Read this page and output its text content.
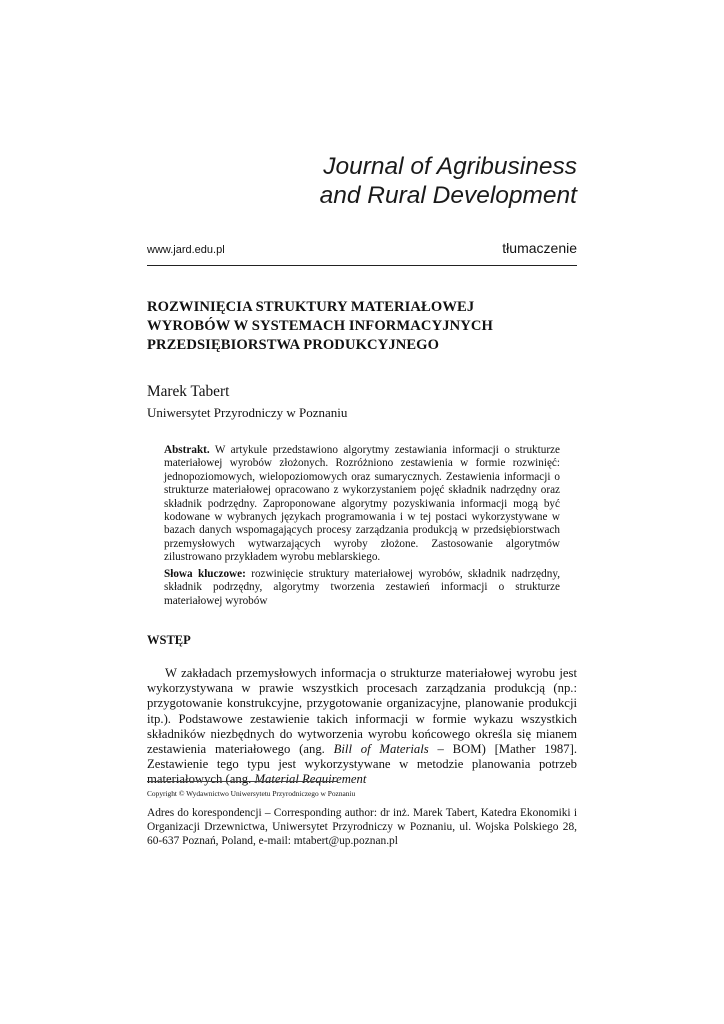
Journal of Agribusiness
and Rural Development
www.jard.edu.pl	tłumaczenie
ROZWINIĘCIA STRUKTURY MATERIAŁOWEJ
WYROBÓW W SYSTEMACH INFORMACYJNYCH
PRZEDSIĘBIORSTWA PRODUKCYJNEGO
Marek Tabert
Uniwersytet Przyrodniczy w Poznaniu

Abstrakt. W artykule przedstawiono algorytmy zestawiania informacji o strukturze materiałowej wyrobów złożonych. Rozróżniono zestawienia w formie rozwinięć: jednopoziomowych, wielopoziomowych oraz sumarycznych. Zestawienia informacji o strukturze materiałowej opracowano z wykorzystaniem pojęć składnik nadrzędny oraz składnik podrzędny. Zaproponowane algorytmy pozyskiwania informacji mogą być kodowane w wybranych językach programowania i w tej postaci wykorzystywane w bazach danych wspomagających procesy zarządzania produkcją w przedsiębiorstwach przemysłowych wytwarzających wyroby złożone. Zastosowanie algorytmów zilustrowano przykładem wyrobu meblarskiego.

Słowa kluczowe: rozwinięcie struktury materiałowej wyrobów, składnik nadrzędny, składnik podrzędny, algorytmy tworzenia zestawień informacji o strukturze materiałowej wyrobów

WSTĘP

W zakładach przemysłowych informacja o strukturze materiałowej wyrobu jest wykorzystywana w prawie wszystkich procesach zarządzania produkcją (np.: przygotowanie konstrukcyjne, przygotowanie organizacyjne, planowanie produkcji itp.). Podstawowe zestawienie takich informacji w formie wykazu wszystkich składników niezbędnych do wytworzenia wyrobu końcowego określa się mianem zestawienia materiałowego (ang. Bill of Materials – BOM) [Mather 1987]. Zestawienie tego typu jest wykorzystywane w metodzie planowania potrzeb materiałowych (ang. Material Requirement

Copyright © Wydawnictwo Uniwersytetu Przyrodniczego w Poznaniu

Adres do korespondencji – Corresponding author: dr inż. Marek Tabert, Katedra Ekonomiki i Organizacji Drzewnictwa, Uniwersytet Przyrodniczy w Poznaniu, ul. Wojska Polskiego 28, 60-637 Poznań, Poland, e-mail: mtabert@up.poznan.pl
